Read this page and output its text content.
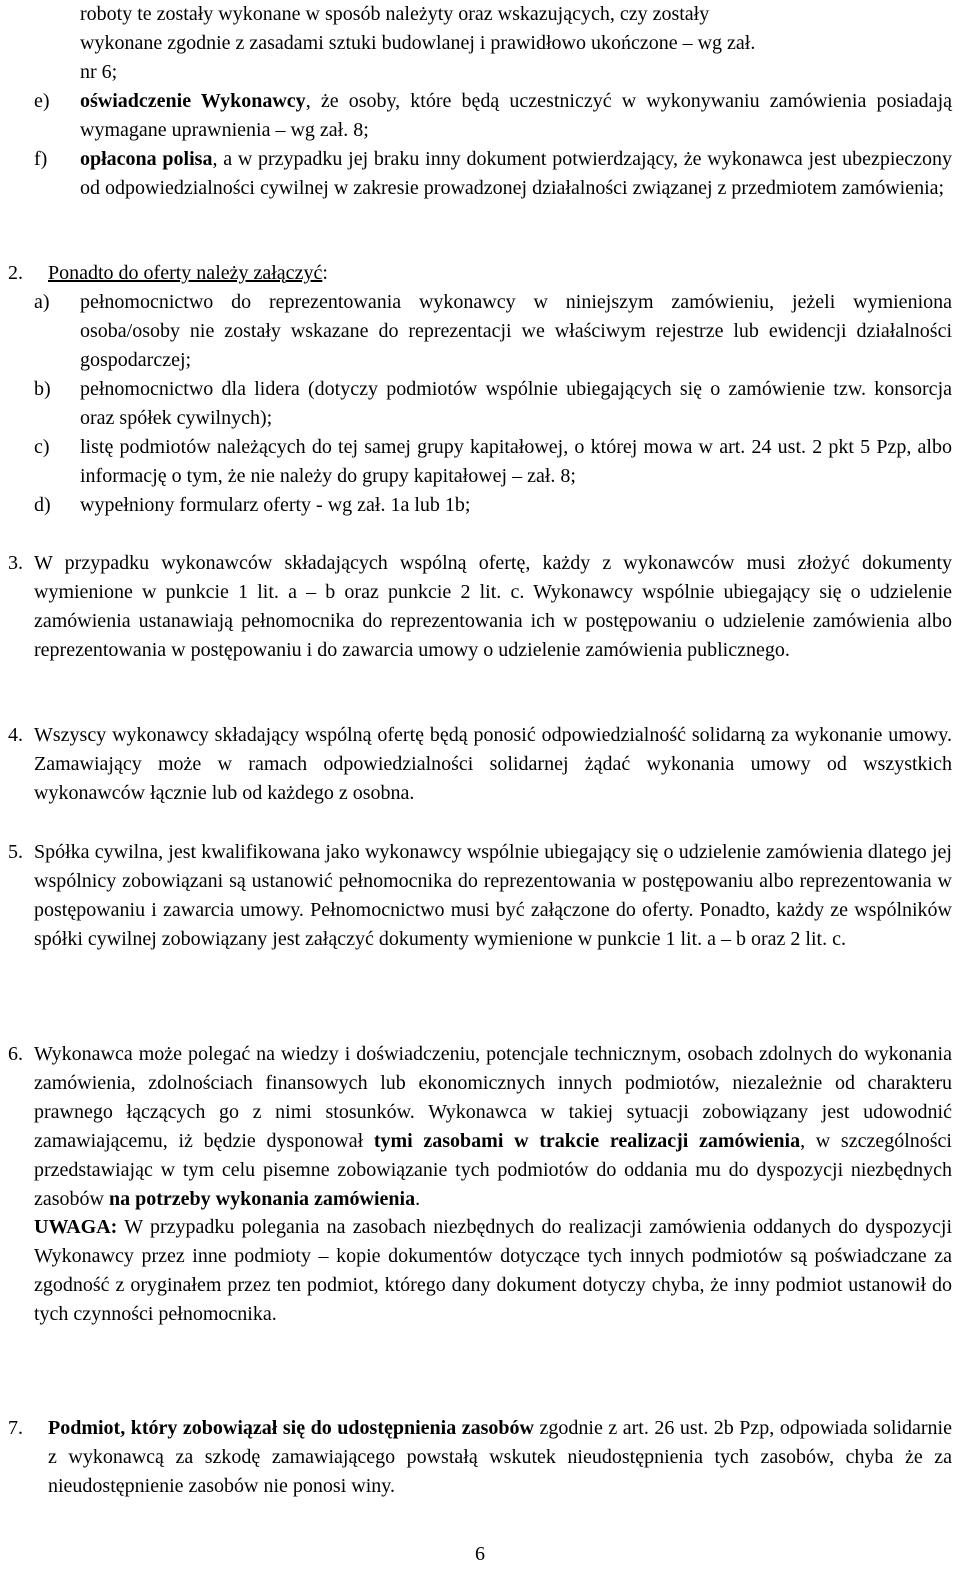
roboty te zostały wykonane w sposób należyty oraz wskazujących, czy zostały
wykonane zgodnie z zasadami sztuki budowlanej i prawidłowo ukończone – wg zał.
nr 6;
e) oświadczenie Wykonawcy, że osoby, które będą uczestniczyć w wykonywaniu zamówienia posiadają wymagane uprawnienia – wg zał. 8;

f) opłacona polisa, a w przypadku jej braku inny dokument potwierdzający, że wykonawca jest ubezpieczony od odpowiedzialności cywilnej w zakresie prowadzonej działalności związanej z przedmiotem zamówienia;

2. Ponadto do oferty należy załączyć:

a) pełnomocnictwo do reprezentowania wykonawcy w niniejszym zamówieniu, jeżeli wymieniona osoba/osoby nie zostały wskazane do reprezentacji we właściwym rejestrze lub ewidencji działalności gospodarczej;

b) pełnomocnictwo dla lidera (dotyczy podmiotów wspólnie ubiegających się o zamówienie tzw. konsorcja oraz spółek cywilnych);

c) listę podmiotów należących do tej samej grupy kapitałowej, o której mowa w art. 24 ust. 2 pkt 5 Pzp, albo informację o tym, że nie należy do grupy kapitałowej – zał. 8;

d) wypełniony formularz oferty - wg zał. 1a lub 1b;

3. W przypadku wykonawców składających wspólną ofertę, każdy z wykonawców musi złożyć dokumenty wymienione w punkcie 1 lit. a – b oraz punkcie 2 lit. c. Wykonawcy wspólnie ubiegający się o udzielenie zamówienia ustanawiają pełnomocnika do reprezentowania ich w postępowaniu o udzielenie zamówienia albo reprezentowania w postępowaniu i do zawarcia umowy o udzielenie zamówienia publicznego.

4. Wszyscy wykonawcy składający wspólną ofertę będą ponosić odpowiedzialność solidarną za wykonanie umowy. Zamawiający może w ramach odpowiedzialności solidarnej żądać wykonania umowy od wszystkich wykonawców łącznie lub od każdego z osobna.

5. Spółka cywilna, jest kwalifikowana jako wykonawcy wspólnie ubiegający się o udzielenie zamówienia dlatego jej wspólnicy zobowiązani są ustanowić pełnomocnika do reprezentowania w postępowaniu albo reprezentowania w postępowaniu i zawarcia umowy. Pełnomocnictwo musi być załączone do oferty. Ponadto, każdy ze wspólników spółki cywilnej zobowiązany jest załączyć dokumenty wymienione w punkcie 1 lit. a – b oraz 2 lit. c.

6. Wykonawca może polegać na wiedzy i doświadczeniu, potencjale technicznym, osobach zdolnych do wykonania zamówienia, zdolnościach finansowych lub ekonomicznych innych podmiotów, niezależnie od charakteru prawnego łączących go z nimi stosunków. Wykonawca w takiej sytuacji zobowiązany jest udowodnić zamawiającemu, iż będzie dysponował tymi zasobami w trakcie realizacji zamówienia, w szczególności przedstawiając w tym celu pisemne zobowiązanie tych podmiotów do oddania mu do dyspozycji niezbędnych zasobów na potrzeby wykonania zamówienia.

UWAGA: W przypadku polegania na zasobach niezbędnych do realizacji zamówienia oddanych do dyspozycji Wykonawcy przez inne podmioty – kopie dokumentów dotyczące tych innych podmiotów są poświadczane za zgodność z oryginałem przez ten podmiot, którego dany dokument dotyczy chyba, że inny podmiot ustanowił do tych czynności pełnomocnika.

7. Podmiot, który zobowiązał się do udostępnienia zasobów zgodnie z art. 26 ust. 2b Pzp, odpowiada solidarnie z wykonawcą za szkodę zamawiającego powstałą wskutek nieudostępnienia tych zasobów, chyba że za nieudostępnienie zasobów nie ponosi winy.

6
